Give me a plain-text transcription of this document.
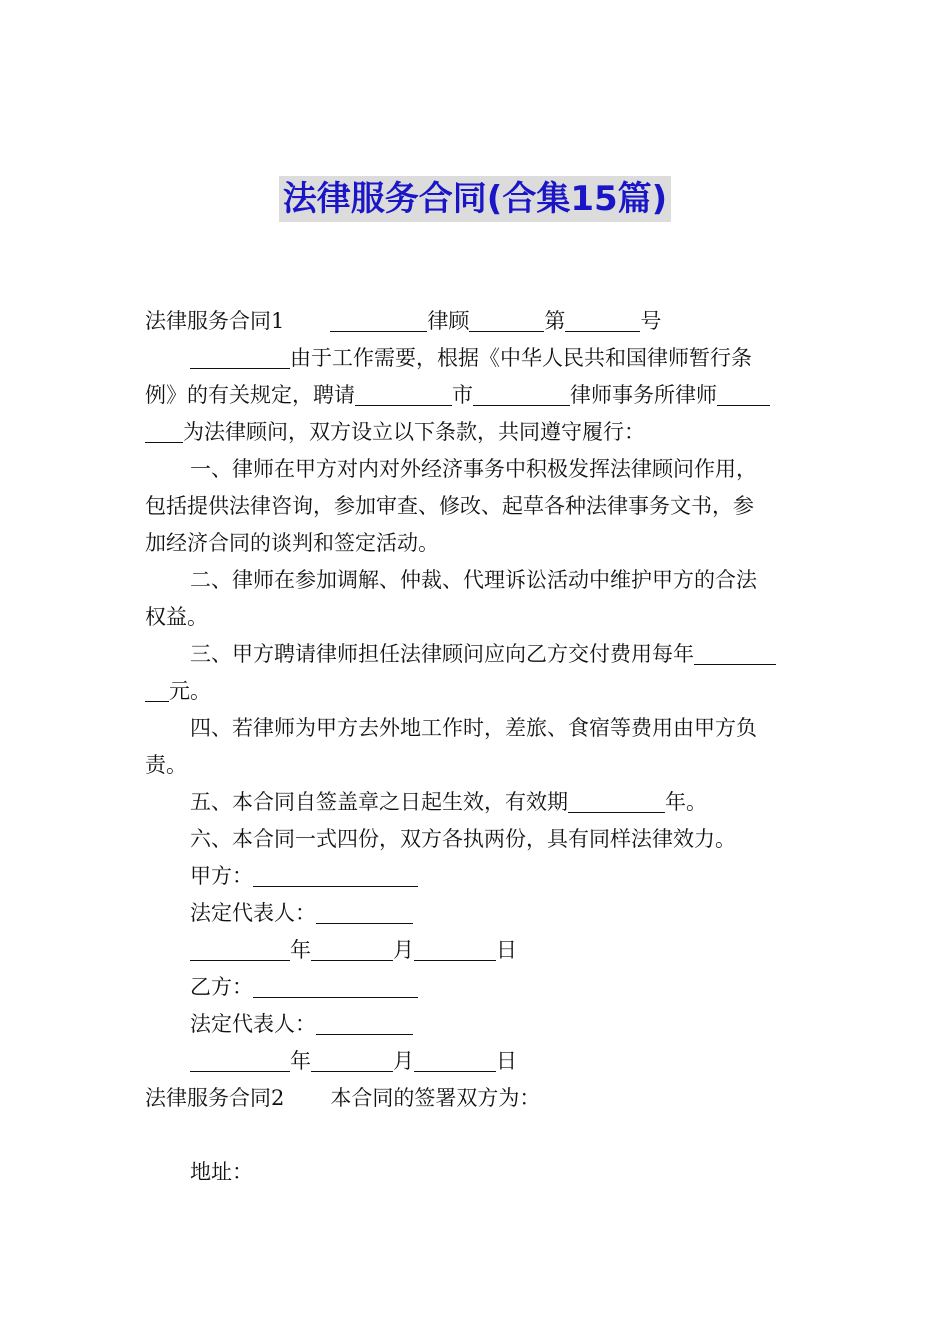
法律服务合同(合集15篇)

法律服务合同1	律顾	第	号

由于工作需要，根据《中华人民共和国律师暂行条

例》的有关规定，聘请	市	律师事务所律师

为法律顾问，双方设立以下条款，共同遵守履行：

一、律师在甲方对内对外经济事务中积极发挥法律顾问作用，

包括提供法律咨询，参加审查、修改、起草各种法律事务文书，参

加经济合同的谈判和签定活动。

二、律师在参加调解、仲裁、代理诉讼活动中维护甲方的合法

权益。

三、甲方聘请律师担任法律顾问应向乙方交付费用每年

元。

四、若律师为甲方去外地工作时，差旅、食宿等费用由甲方负

责。

五、本合同自签盖章之日起生效，有效期	年。

六、本合同一式四份，双方各执两份，具有同样法律效力。

甲方：

法定代表人：

年	月	日

乙方：

法定代表人：

年	月	日

法律服务合同2 本合同的签署双方为：

地址：
